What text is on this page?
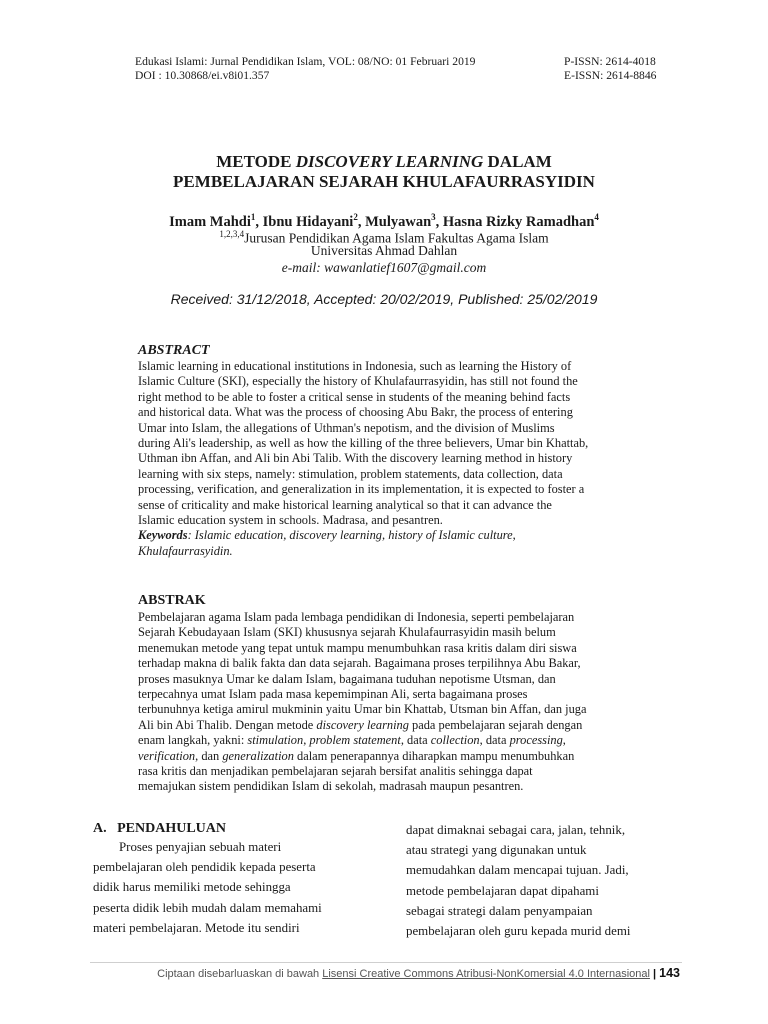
Edukasi Islami: Jurnal Pendidikan Islam, VOL: 08/NO: 01 Februari 2019
DOI : 10.30868/ei.v8i01.357
P-ISSN: 2614-4018
E-ISSN: 2614-8846
METODE DISCOVERY LEARNING DALAM
PEMBELAJARAN SEJARAH KHULAFAURRASYIDIN
Imam Mahdi$^1$, Ibnu Hidayani$^2$, Mulyawan$^3$, Hasna Rizky Ramadhan$^4$
$^{1,2,3,4}$Jurusan Pendidikan Agama Islam Fakultas Agama Islam
Universitas Ahmad Dahlan
e-mail: wawanlatief1607@gmail.com
Received: 31/12/2018, Accepted: 20/02/2019, Published: 25/02/2019
ABSTRACT
Islamic learning in educational institutions in Indonesia, such as learning the History of
Islamic Culture (SKI), especially the history of Khulafaurrasyidin, has still not found the
right method to be able to foster a critical sense in students of the meaning behind facts
and historical data. What was the process of choosing Abu Bakr, the process of entering
Umar into Islam, the allegations of Uthman's nepotism, and the division of Muslims
during Ali's leadership, as well as how the killing of the three believers, Umar bin Khattab,
Uthman ibn Affan, and Ali bin Abi Talib. With the discovery learning method in history
learning with six steps, namely: stimulation, problem statements, data collection, data
processing, verification, and generalization in its implementation, it is expected to foster a
sense of criticality and make historical learning analytical so that it can advance the
Islamic education system in schools. Madrasa, and pesantren.
Keywords: Islamic education, discovery learning, history of Islamic culture,
Khulafaurrasyidin.
ABSTRAK
Pembelajaran agama Islam pada lembaga pendidikan di Indonesia, seperti pembelajaran
Sejarah Kebudayaan Islam (SKI) khususnya sejarah Khulafaurrasyidin masih belum
menemukan metode yang tepat untuk mampu menumbuhkan rasa kritis dalam diri siswa
terhadap makna di balik fakta dan data sejarah. Bagaimana proses terpilihnya Abu Bakar,
proses masuknya Umar ke dalam Islam, bagaimana tuduhan nepotisme Utsman, dan
terpecahnya umat Islam pada masa kepemimpinan Ali, serta bagaimana proses
terbunuhnya ketiga amirul mukminin yaitu Umar bin Khattab, Utsman bin Affan, dan juga
Ali bin Abi Thalib. Dengan metode discovery learning pada pembelajaran sejarah dengan
enam langkah, yakni: stimulation, problem statement, data collection, data processing,
verification, dan generalization dalam penerapannya diharapkan mampu menumbuhkan
rasa kritis dan menjadikan pembelajaran sejarah bersifat analitis sehingga dapat
memajukan sistem pendidikan Islam di sekolah, madrasah maupun pesantren.
A.   PENDAHULUAN
Proses penyajian sebuah materi
pembelajaran oleh pendidik kepada peserta
didik harus memiliki metode sehingga
peserta didik lebih mudah dalam memahami
materi pembelajaran. Metode itu sendiri
dapat dimaknai sebagai cara, jalan, tehnik,
atau strategi yang digunakan untuk
memudahkan dalam mencapai tujuan. Jadi,
metode pembelajaran dapat dipahami
sebagai strategi dalam penyampaian
pembelajaran oleh guru kepada murid demi
Ciptaan disebarluaskan di bawah Lisensi Creative Commons Atribusi-NonKomersial 4.0 Internasional | 143
